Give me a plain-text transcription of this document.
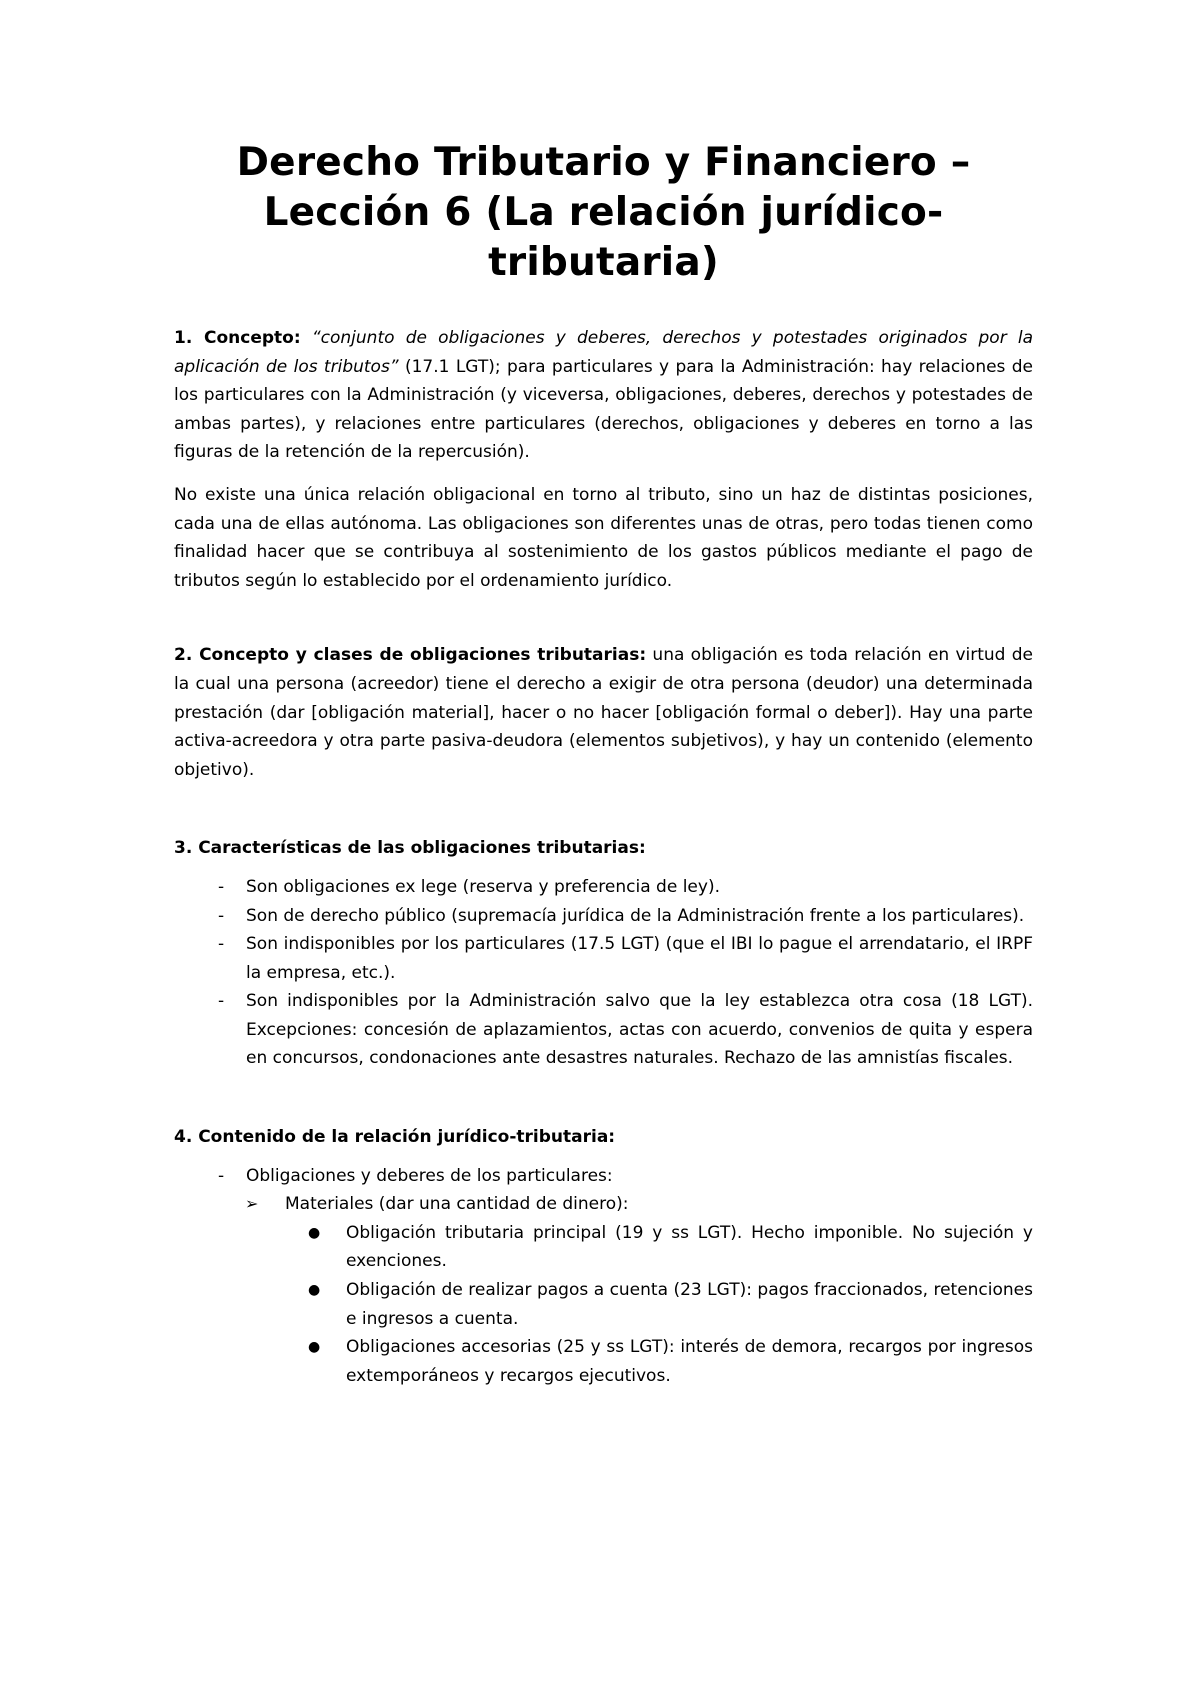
Derecho Tributario y Financiero – Lección 6 (La relación jurídico-tributaria)

1. Concepto: “conjunto de obligaciones y deberes, derechos y potestades originados por la aplicación de los tributos” (17.1 LGT); para particulares y para la Administración: hay relaciones de los particulares con la Administración (y viceversa, obligaciones, deberes, derechos y potestades de ambas partes), y relaciones entre particulares (derechos, obligaciones y deberes en torno a las figuras de la retención de la repercusión).

No existe una única relación obligacional en torno al tributo, sino un haz de distintas posiciones, cada una de ellas autónoma. Las obligaciones son diferentes unas de otras, pero todas tienen como finalidad hacer que se contribuya al sostenimiento de los gastos públicos mediante el pago de tributos según lo establecido por el ordenamiento jurídico.

2. Concepto y clases de obligaciones tributarias: una obligación es toda relación en virtud de la cual una persona (acreedor) tiene el derecho a exigir de otra persona (deudor) una determinada prestación (dar [obligación material], hacer o no hacer [obligación formal o deber]). Hay una parte activa-acreedora y otra parte pasiva-deudora (elementos subjetivos), y hay un contenido (elemento objetivo).

3. Características de las obligaciones tributarias:

- Son obligaciones ex lege (reserva y preferencia de ley).
- Son de derecho público (supremacía jurídica de la Administración frente a los particulares).
- Son indisponibles por los particulares (17.5 LGT) (que el IBI lo pague el arrendatario, el IRPF la empresa, etc.).
- Son indisponibles por la Administración salvo que la ley establezca otra cosa (18 LGT). Excepciones: concesión de aplazamientos, actas con acuerdo, convenios de quita y espera en concursos, condonaciones ante desastres naturales. Rechazo de las amnistías fiscales.

4. Contenido de la relación jurídico-tributaria:

- Obligaciones y deberes de los particulares:
➢ Materiales (dar una cantidad de dinero):
● Obligación tributaria principal (19 y ss LGT). Hecho imponible. No sujeción y exenciones.
● Obligación de realizar pagos a cuenta (23 LGT): pagos fraccionados, retenciones e ingresos a cuenta.
● Obligaciones accesorias (25 y ss LGT): interés de demora, recargos por ingresos extemporáneos y recargos ejecutivos.
